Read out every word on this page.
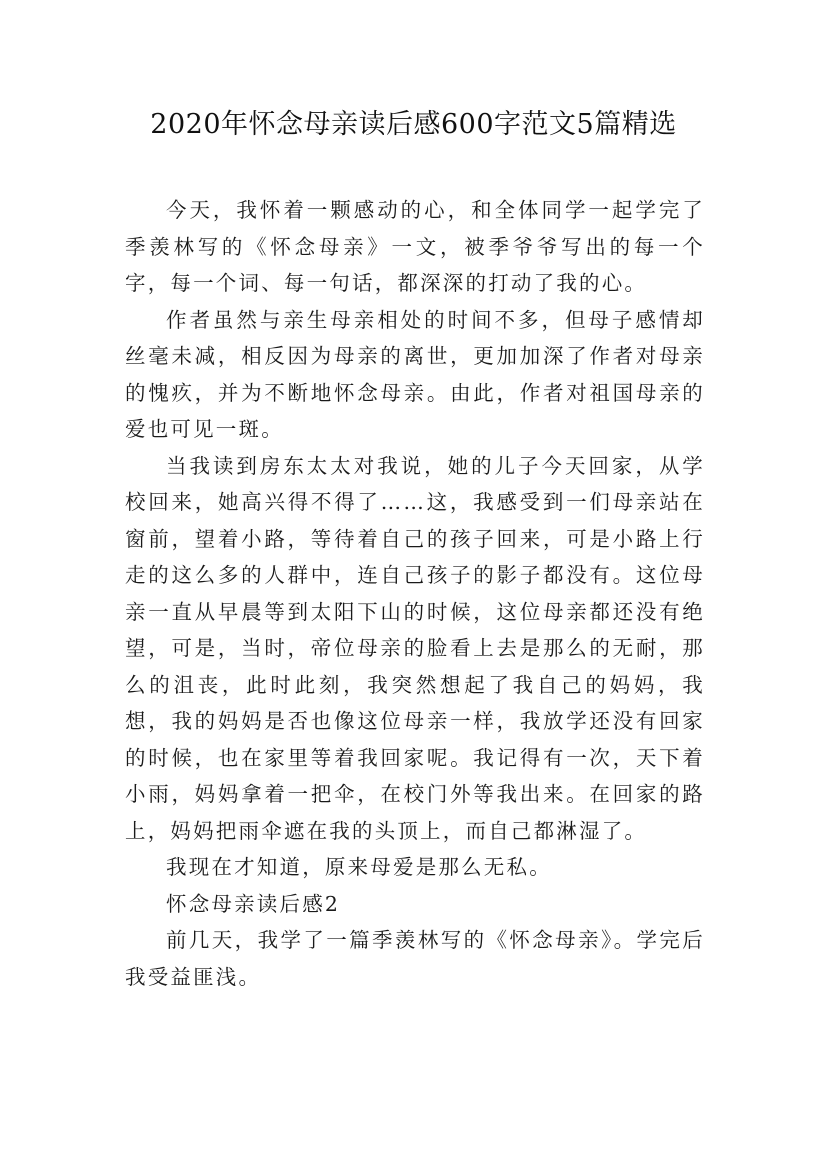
2020年怀念母亲读后感600字范文5篇精选

今天，我怀着一颗感动的心，和全体同学一起学完了季羡林写的《怀念母亲》一文，被季爷爷写出的每一个字，每一个词、每一句话，都深深的打动了我的心。

作者虽然与亲生母亲相处的时间不多，但母子感情却丝毫未减，相反因为母亲的离世，更加加深了作者对母亲的愧疚，并为不断地怀念母亲。由此，作者对祖国母亲的爱也可见一斑。

当我读到房东太太对我说，她的儿子今天回家，从学校回来，她高兴得不得了……这，我感受到一们母亲站在窗前，望着小路，等待着自己的孩子回来，可是小路上行走的这么多的人群中，连自己孩子的影子都没有。这位母亲一直从早晨等到太阳下山的时候，这位母亲都还没有绝望，可是，当时，帝位母亲的脸看上去是那么的无耐，那么的沮丧，此时此刻，我突然想起了我自己的妈妈，我想，我的妈妈是否也像这位母亲一样，我放学还没有回家的时候，也在家里等着我回家呢。我记得有一次，天下着小雨，妈妈拿着一把伞，在校门外等我出来。在回家的路上，妈妈把雨伞遮在我的头顶上，而自己都淋湿了。

我现在才知道，原来母爱是那么无私。

怀念母亲读后感2

前几天，我学了一篇季羡林写的《怀念母亲》。学完后我受益匪浅。
